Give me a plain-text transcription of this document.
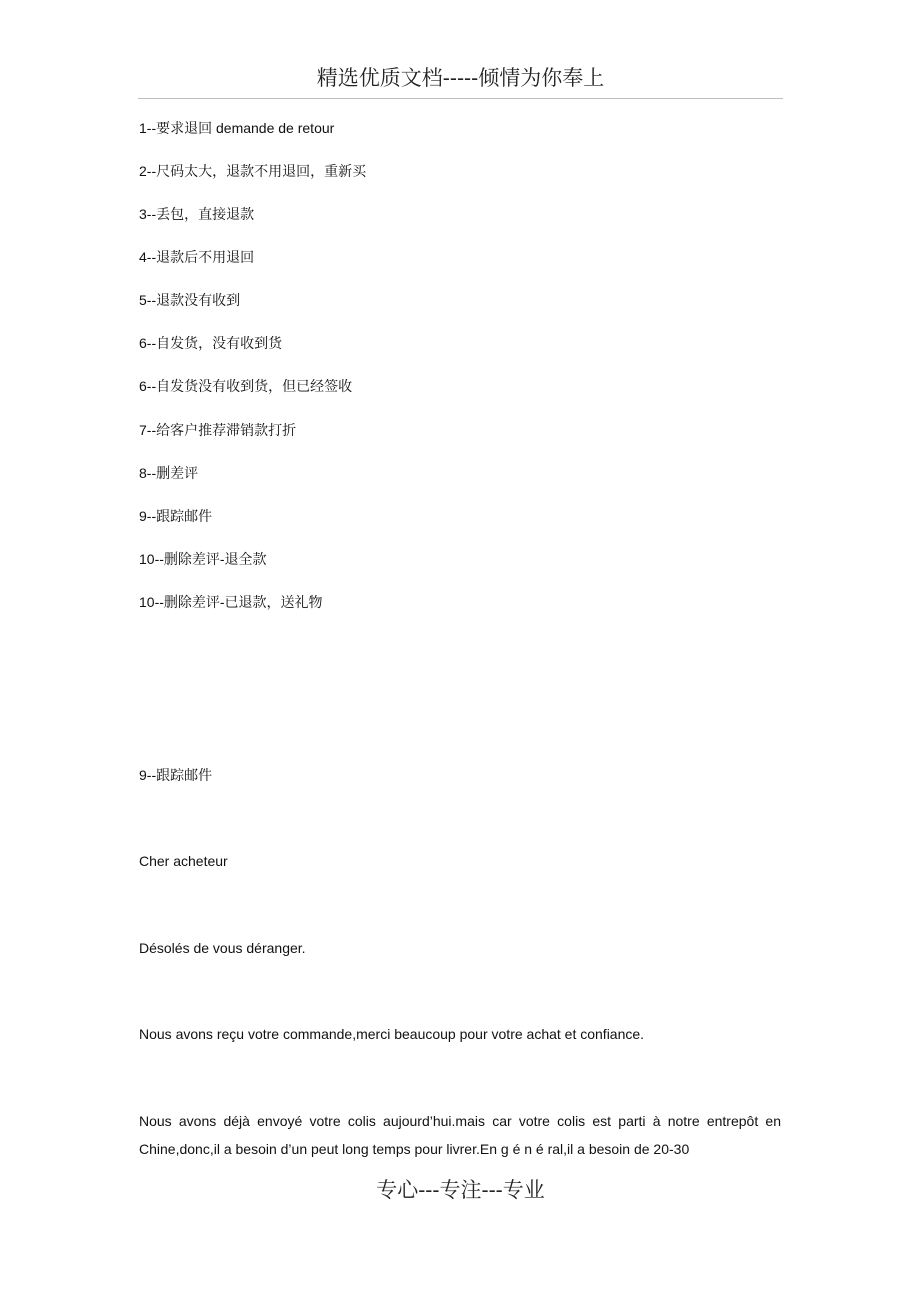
精选优质文档-----倾情为你奉上
1--要求退回 demande de retour
2--尺码太大，退款不用退回，重新买
3--丢包，直接退款
4--退款后不用退回
5--退款没有收到
6--自发货，没有收到货
6--自发货没有收到货，但已经签收
7--给客户推荐滞销款打折
8--删差评
9--跟踪邮件
10--删除差评-退全款
10--删除差评-已退款，送礼物
9--跟踪邮件
Cher acheteur
Désolés de vous déranger.
Nous avons reçu votre commande,merci beaucoup pour votre achat et confiance.
Nous avons déjà envoyé votre colis aujourd’hui.mais car votre colis est parti à notre entrepôt en Chine,donc,il a besoin d’un peut long temps pour livrer.En g é n é ral,il a besoin de 20-30
专心---专注---专业
